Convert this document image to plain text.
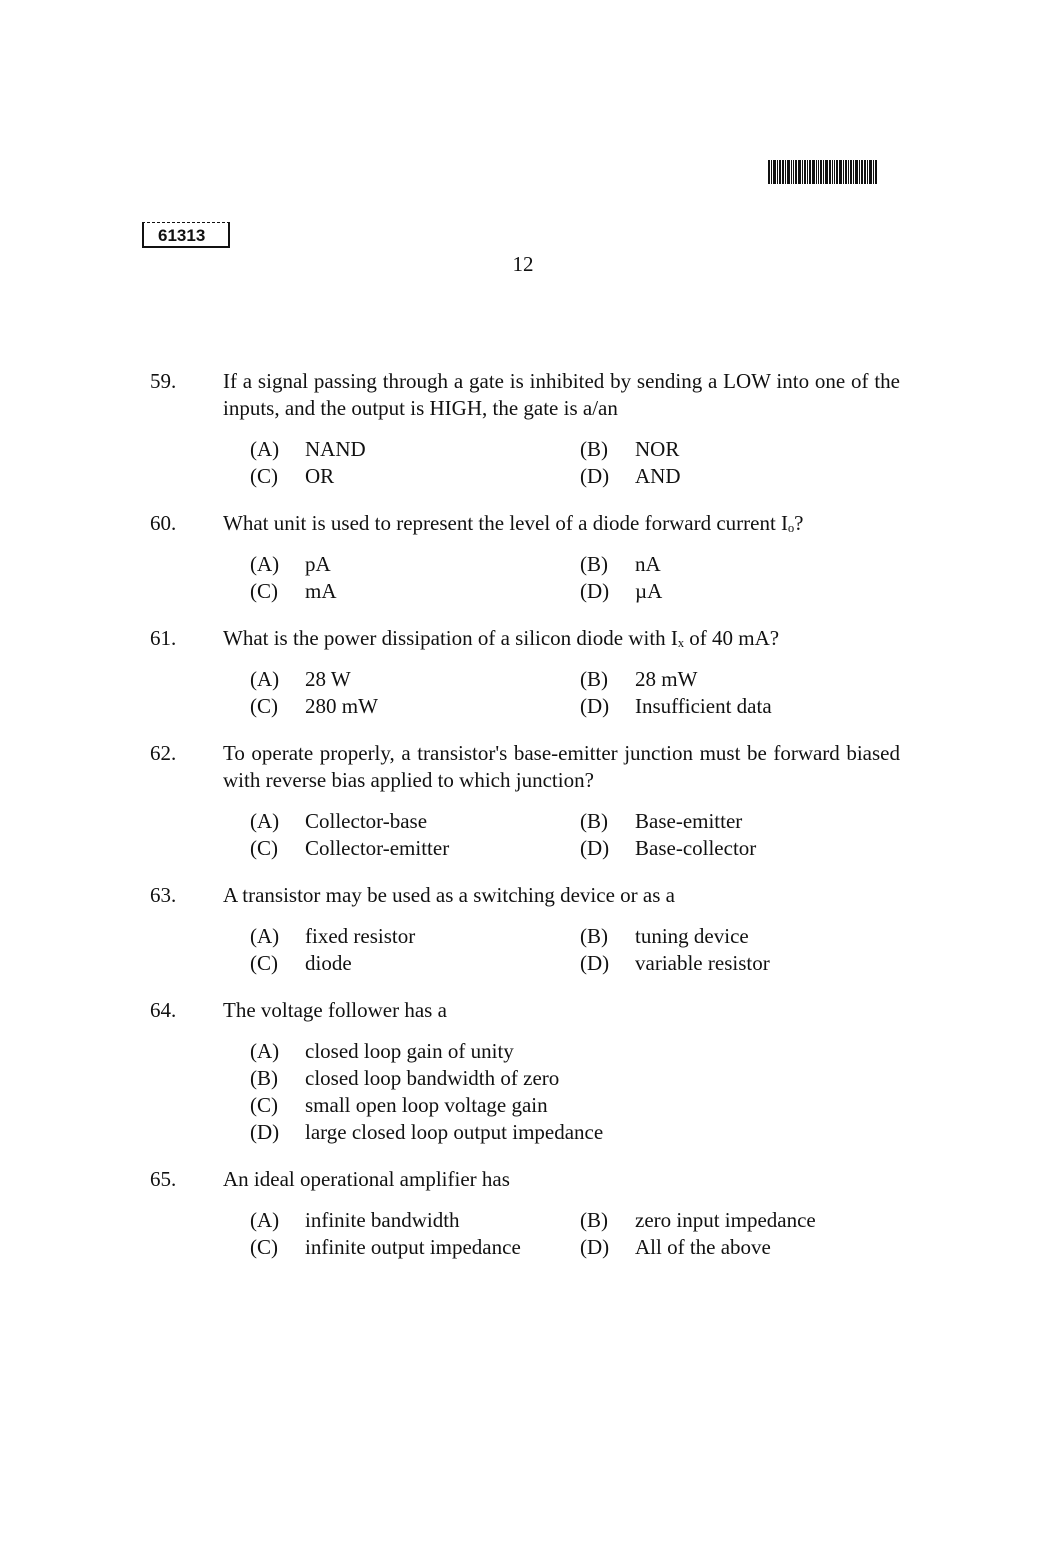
61313
12
59.	If a signal passing through a gate is inhibited by sending a LOW into one of the inputs, and the output is HIGH, the gate is a/an
(A)	NAND	(B)	NOR
(C)	OR	(D)	AND
60.	What unit is used to represent the level of a diode forward current Iₒ?
(A)	pA	(B)	nA
(C)	mA	(D)	µA
61.	What is the power dissipation of a silicon diode with Iₓ of 40 mA?
(A)	28 W	(B)	28 mW
(C)	280 mW	(D)	Insufficient data
62.	To operate properly, a transistor's base-emitter junction must be forward biased with reverse bias applied to which junction?
(A)	Collector-base	(B)	Base-emitter
(C)	Collector-emitter	(D)	Base-collector
63.	A transistor may be used as a switching device or as a
(A)	fixed resistor	(B)	tuning device
(C)	diode	(D)	variable resistor
64.	The voltage follower has a
(A)	closed loop gain of unity
(B)	closed loop bandwidth of zero
(C)	small open loop voltage gain
(D)	large closed loop output impedance
65.	An ideal operational amplifier has
(A)	infinite bandwidth	(B)	zero input impedance
(C)	infinite output impedance	(D)	All of the above
